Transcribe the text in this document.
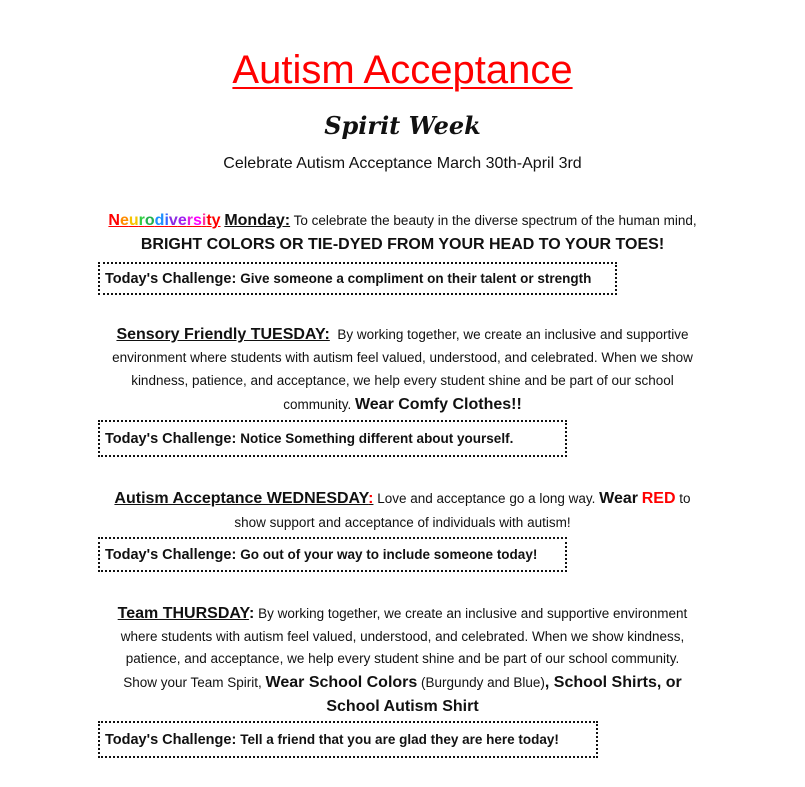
Autism Acceptance
Spirit Week
Celebrate Autism Acceptance March 30th-April 3rd
Neurodiversity Monday: To celebrate the beauty in the diverse spectrum of the human mind,
BRIGHT COLORS OR TIE-DYED FROM YOUR HEAD TO YOUR TOES!
Today's Challenge: Give someone a compliment on their talent or strength
Sensory Friendly TUESDAY: By working together, we create an inclusive and supportive
environment where students with autism feel valued, understood, and celebrated. When we show
kindness, patience, and acceptance, we help every student shine and be part of our school
community. Wear Comfy Clothes!!
Today's Challenge: Notice Something different about yourself.
Autism Acceptance WEDNESDAY: Love and acceptance go a long way. Wear RED to
show support and acceptance of individuals with autism!
Today's Challenge: Go out of your way to include someone today!
Team THURSDAY: By working together, we create an inclusive and supportive environment
where students with autism feel valued, understood, and celebrated. When we show kindness,
patience, and acceptance, we help every student shine and be part of our school community.
Show your Team Spirit, Wear School Colors (Burgundy and Blue), School Shirts, or
School Autism Shirt
Today's Challenge: Tell a friend that you are glad they are here today!
